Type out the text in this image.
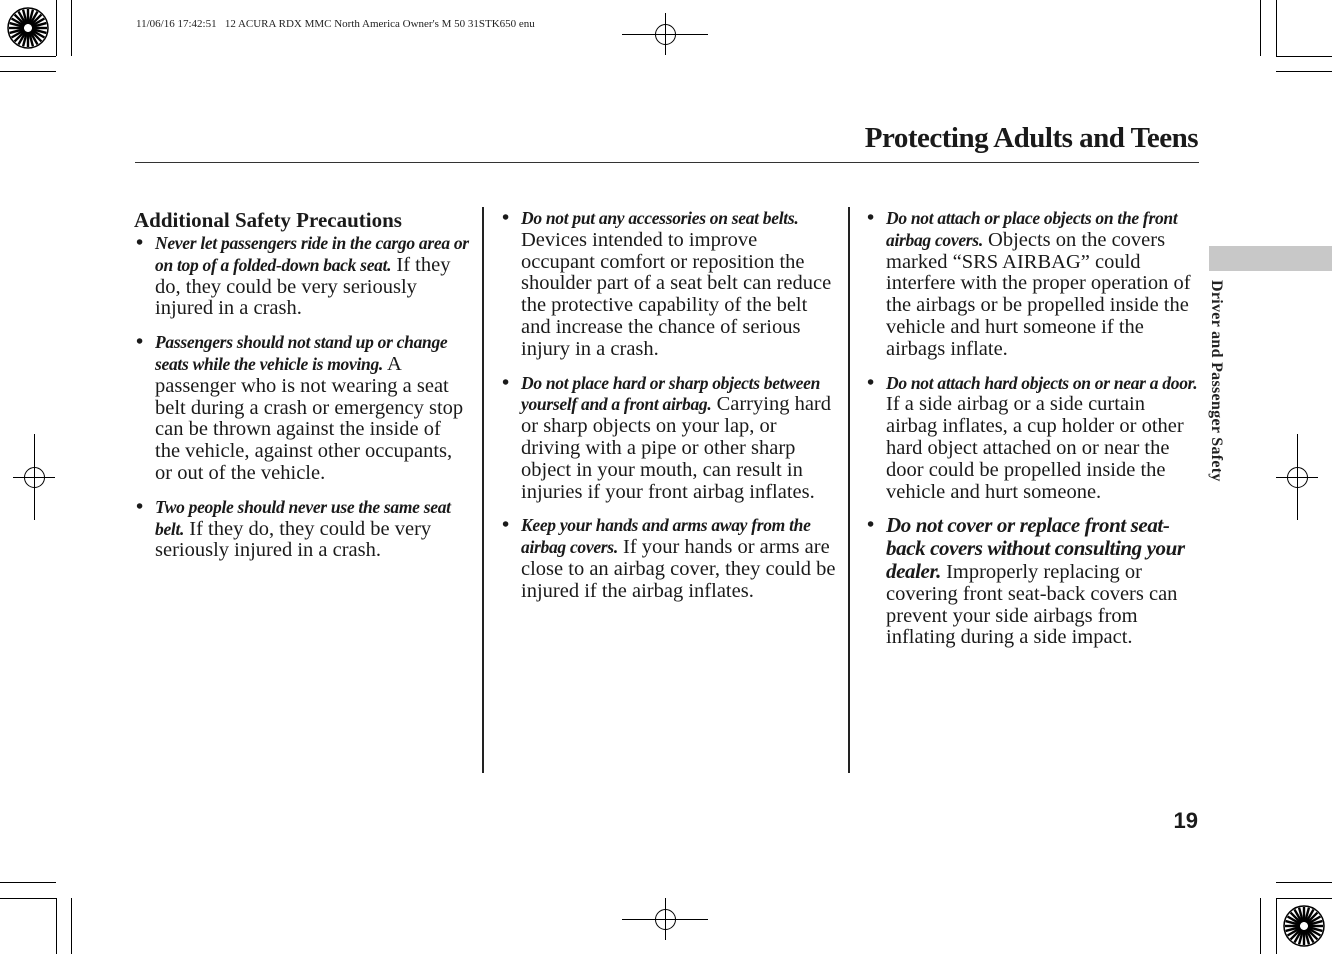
11/06/16 17:42:51   12 ACURA RDX MMC North America Owner's M 50 31STK650 enu
Protecting Adults and Teens
Driver and Passenger Safety
Additional Safety Precautions
• Never let passengers ride in the cargo area or on top of a folded-down back seat. If they do, they could be very seriously injured in a crash.
• Passengers should not stand up or change seats while the vehicle is moving. A passenger who is not wearing a seat belt during a crash or emergency stop can be thrown against the inside of the vehicle, against other occupants, or out of the vehicle.
• Two people should never use the same seat belt. If they do, they could be very seriously injured in a crash.
• Do not put any accessories on seat belts. Devices intended to improve occupant comfort or reposition the shoulder part of a seat belt can reduce the protective capability of the belt and increase the chance of serious injury in a crash.
• Do not place hard or sharp objects between yourself and a front airbag. Carrying hard or sharp objects on your lap, or driving with a pipe or other sharp object in your mouth, can result in injuries if your front airbag inflates.
• Keep your hands and arms away from the airbag covers. If your hands or arms are close to an airbag cover, they could be injured if the airbag inflates.
• Do not attach or place objects on the front airbag covers. Objects on the covers marked “SRS AIRBAG” could interfere with the proper operation of the airbags or be propelled inside the vehicle and hurt someone if the airbags inflate.
• Do not attach hard objects on or near a door. If a side airbag or a side curtain airbag inflates, a cup holder or other hard object attached on or near the door could be propelled inside the vehicle and hurt someone.
• Do not cover or replace front seat-back covers without consulting your dealer. Improperly replacing or covering front seat-back covers can prevent your side airbags from inflating during a side impact.
19
